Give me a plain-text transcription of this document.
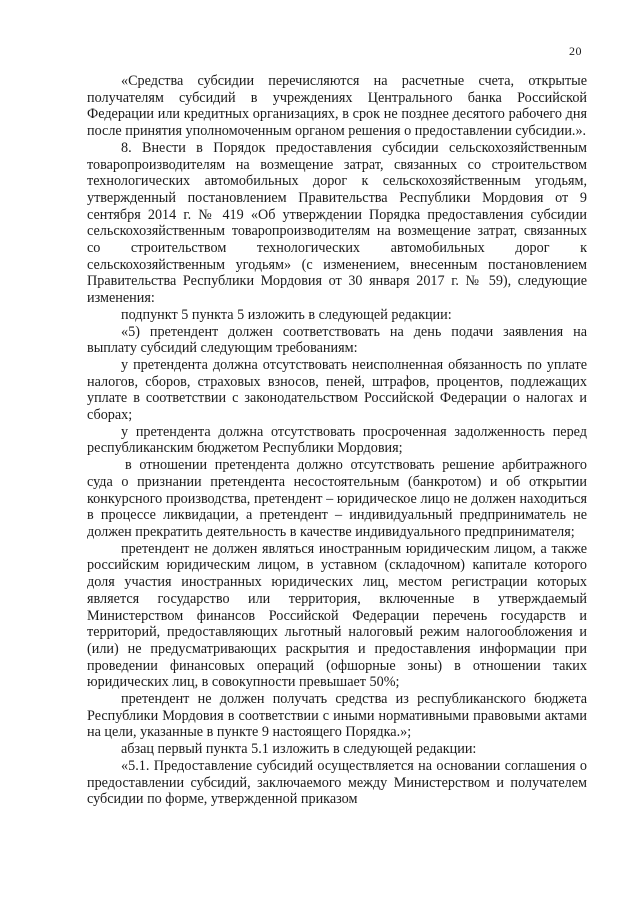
20

«Средства субсидии перечисляются на расчетные счета, открытые получателям субсидий в учреждениях Центрального банка Российской Федерации или кредитных организациях, в срок не позднее десятого рабочего дня после принятия уполномоченным органом решения о предоставлении субсидии.».

8. Внести в Порядок предоставления субсидии сельскохозяйственным товаропроизводителям на возмещение затрат, связанных со строительством технологических автомобильных дорог к сельскохозяйственным угодьям, утвержденный постановлением Правительства Республики Мордовия от 9 сентября 2014 г. № 419 «Об утверждении Порядка предоставления субсидии сельскохозяйственным товаропроизводителям на возмещение затрат, связанных со строительством технологических автомобильных дорог к сельскохозяйственным угодьям» (с изменением, внесенным постановлением Правительства Республики Мордовия от 30 января 2017 г. № 59), следующие изменения:

подпункт 5 пункта 5 изложить в следующей редакции:

«5) претендент должен соответствовать на день подачи заявления на выплату субсидий следующим требованиям:

у претендента должна отсутствовать неисполненная обязанность по уплате налогов, сборов, страховых взносов, пеней, штрафов, процентов, подлежащих уплате в соответствии с законодательством Российской Федерации о налогах и сборах;

у претендента должна отсутствовать просроченная задолженность перед республиканским бюджетом Республики Мордовия;

в отношении претендента должно отсутствовать решение арбитражного суда о признании претендента несостоятельным (банкротом) и об открытии конкурсного производства, претендент – юридическое лицо не должен находиться в процессе ликвидации, а претендент – индивидуальный предприниматель не должен прекратить деятельность в качестве индивидуального предпринимателя;

претендент не должен являться иностранным юридическим лицом, а также российским юридическим лицом, в уставном (складочном) капитале которого доля участия иностранных юридических лиц, местом регистрации которых является государство или территория, включенные в утверждаемый Министерством финансов Российской Федерации перечень государств и территорий, предоставляющих льготный налоговый режим налогообложения и (или) не предусматривающих раскрытия и предоставления информации при проведении финансовых операций (офшорные зоны) в отношении таких юридических лиц, в совокупности превышает 50%;

претендент не должен получать средства из республиканского бюджета Республики Мордовия в соответствии с иными нормативными правовыми актами на цели, указанные в пункте 9 настоящего Порядка.»;

абзац первый пункта 5.1 изложить в следующей редакции:

«5.1. Предоставление субсидий осуществляется на основании соглашения о предоставлении субсидий, заключаемого между Министерством и получателем субсидии по форме, утвержденной приказом
